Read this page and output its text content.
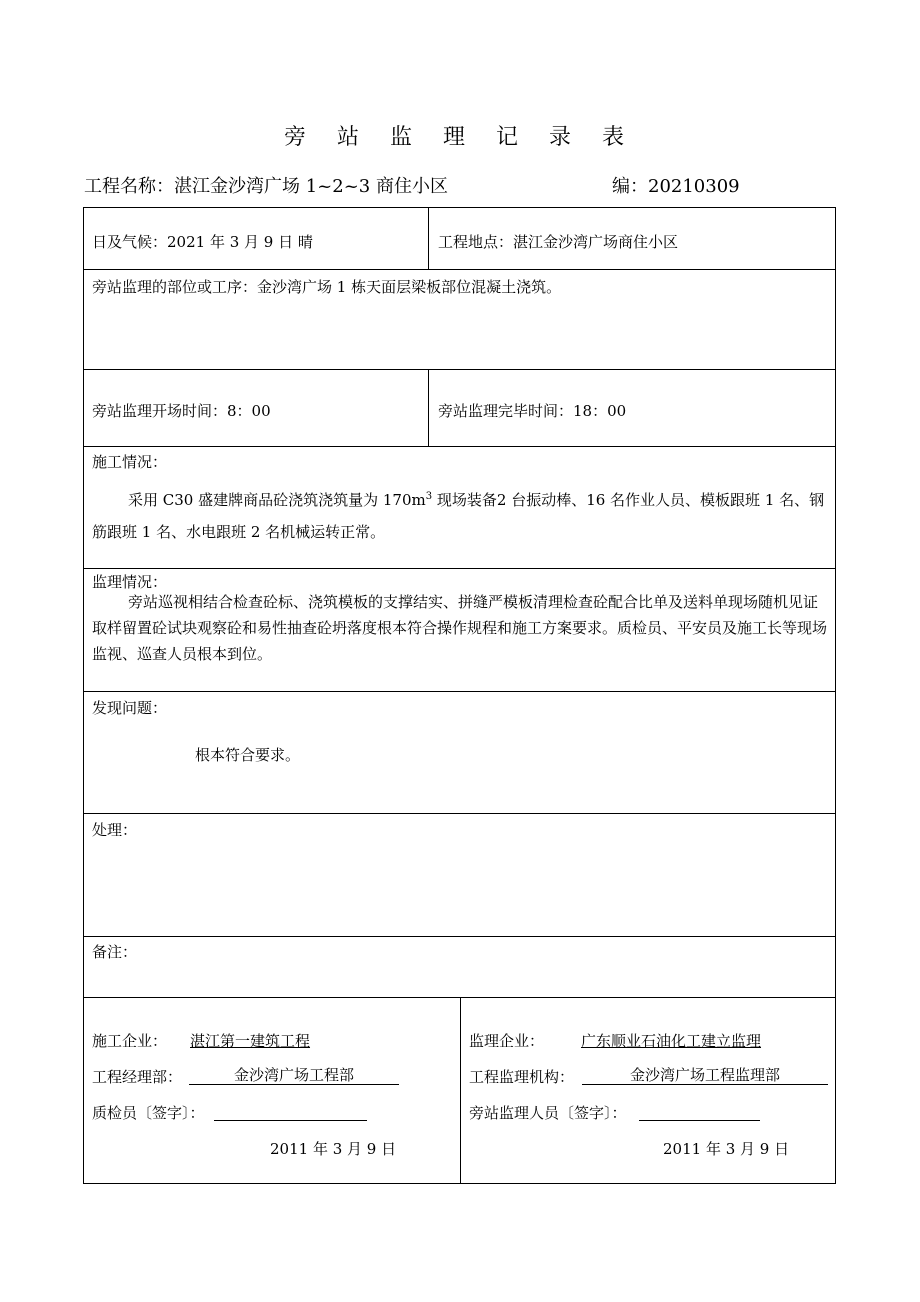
旁 站 监 理 记 录 表
工程名称：湛江金沙湾广场 1~2~3 商住小区	编：20210309
日及气候：2021 年 3 月 9 日 晴	工程地点：湛江金沙湾广场商住小区
旁站监理的部位或工序：金沙湾广场 1 栋天面层梁板部位混凝土浇筑。
旁站监理开场时间：8：00	旁站监理完毕时间：18：00
施工情况：
采用 C30 盛建牌商品砼浇筑浇筑量为 $170m^3$ 现场装备2 台振动棒、16 名作业人员、模板跟班 1 名、钢筋跟班 1 名、水电跟班 2 名机械运转正常。
监理情况：
旁站巡视相结合检查砼标、浇筑模板的支撑结实、拼缝严模板清理检查砼配合比单及送料单现场随机见证取样留置砼试块观察砼和易性抽查砼坍落度根本符合操作规程和施工方案要求。质检员、平安员及施工长等现场监视、巡查人员根本到位。
发现问题：
根本符合要求。
处理：
备注：
施工企业： 湛江第一建筑工程
工程经理部：	金沙湾广场工程部
质检员〔签字〕：
2011 年 3 月 9 日
监理企业： 广东顺业石油化工建立监理
工程监理机构：	金沙湾广场工程监理部
旁站监理人员〔签字〕：
2011 年 3 月 9 日
